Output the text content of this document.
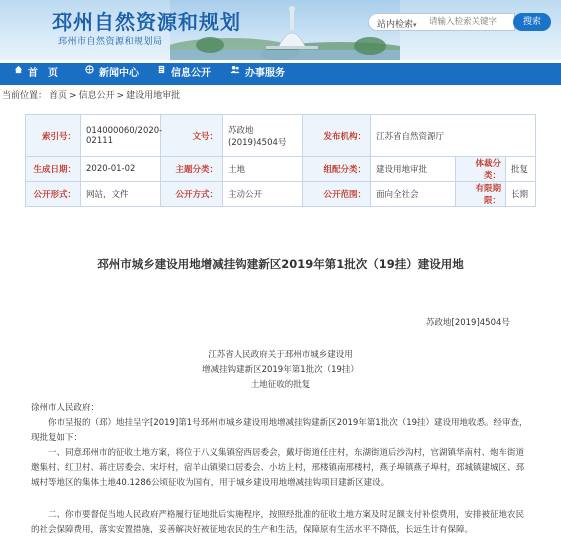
邳州自然资源和规划
邳州市自然资源和规划局
站内检索▾
请输入检索关键字	搜索
首　页	新闻中心	信息公开	办事服务
当前位置： 首页 > 信息公开 > 建设用地审批
索引号：	014000060/2020-02111	文号：	苏政地(2019)4504号	发布机构：	江苏省自然资源厅		
生成日期：	2020-01-02	主题分类：	土地	组配分类：	建设用地审批	体裁分类：	批复
公开形式：	网站，文件	公开方式：	主动公开	公开范围：	面向全社会	有限期限：	长期
邳州市城乡建设用地增减挂钩建新区2019年第1批次（19挂）建设用地
苏政地[2019]4504号
江苏省人民政府关于邳州市城乡建设用
增减挂钩建新区2019年第1批次（19挂）
土地征收的批复
徐州市人民政府：
你市呈报的（邳）地挂呈字[2019]第1号邳州市城乡建设用地增减挂钩建新区2019年第1批次（19挂）建设用地收悉。经审查，现批复如下：
一、同意邳州市的征收土地方案，将位于八义集镇窑西居委会，戴圩街道任庄村，东湖街道后沙沟村，官湖镇华南村、炮车街道邀集村、红卫村、蒋庄居委会、宋圩村，宿羊山镇梁口居委会、小坊上村，邢楼镇南邢楼村，燕子埠镇燕子埠村，邳城镇建城区、邳城村等地区的集体土地40.1286公顷征收为国有，用于城乡建设用地增减挂钩项目建新区建设。
二、你市要督促当地人民政府严格履行征地批后实施程序，按照经批准的征收土地方案及时足额支付补偿费用，安排被征地农民的社会保障费用，落实安置措施，妥善解决好被征地农民的生产和生活，保障原有生活水平不降低，长远生计有保障。
